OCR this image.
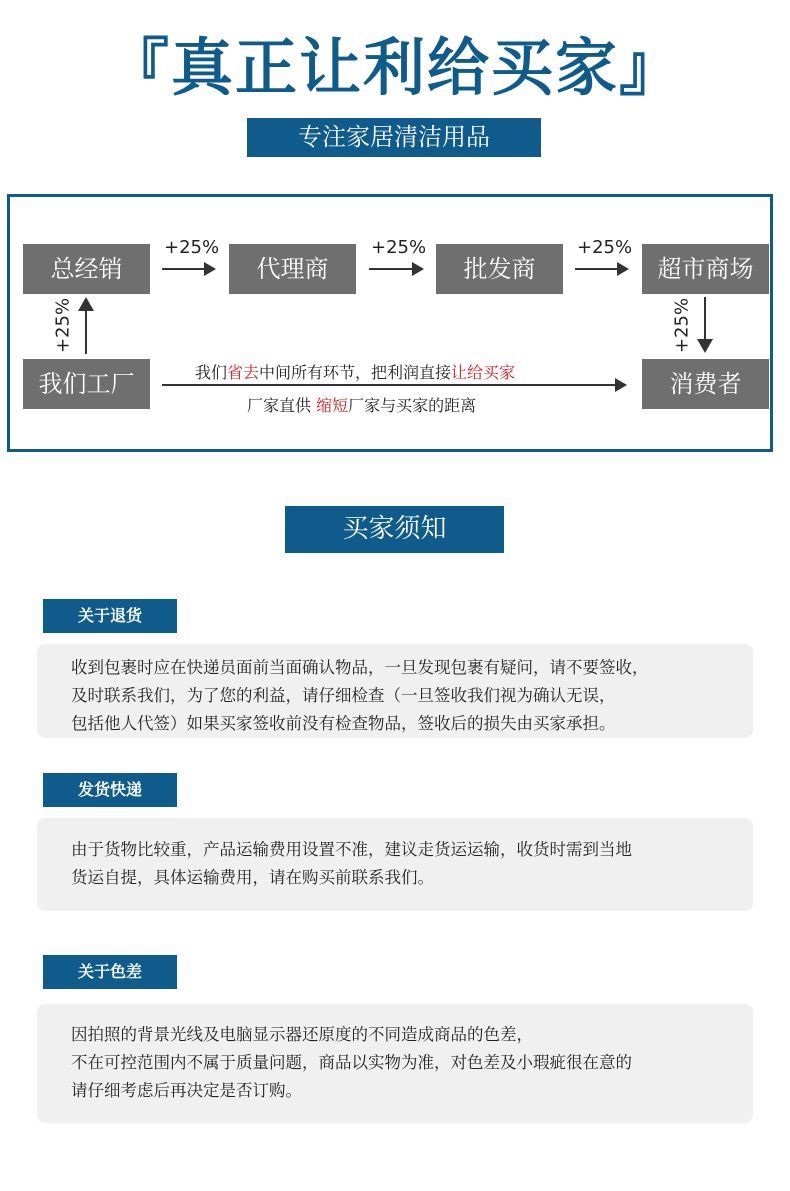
『真正让利给买家』
专注家居清洁用品
总经销	代理商	批发商	超市商场
我们工厂	消费者
+25%	+25%	+25%
+25%	+25%
我们省去中间所有环节，把利润直接让给买家
厂家直供 缩短厂家与买家的距离
买家须知
关于退货

收到包裹时应在快递员面前当面确认物品，一旦发现包裹有疑问，请不要签收，

及时联系我们，为了您的利益，请仔细检查（一旦签收我们视为确认无误，

包括他人代签）如果买家签收前没有检查物品，签收后的损失由买家承担。

发货快递

由于货物比较重，产品运输费用设置不准，建议走货运运输，收货时需到当地

货运自提，具体运输费用，请在购买前联系我们。

关于色差

因拍照的背景光线及电脑显示器还原度的不同造成商品的色差，

不在可控范围内不属于质量问题，商品以实物为准，对色差及小瑕疵很在意的

请仔细考虑后再决定是否订购。
